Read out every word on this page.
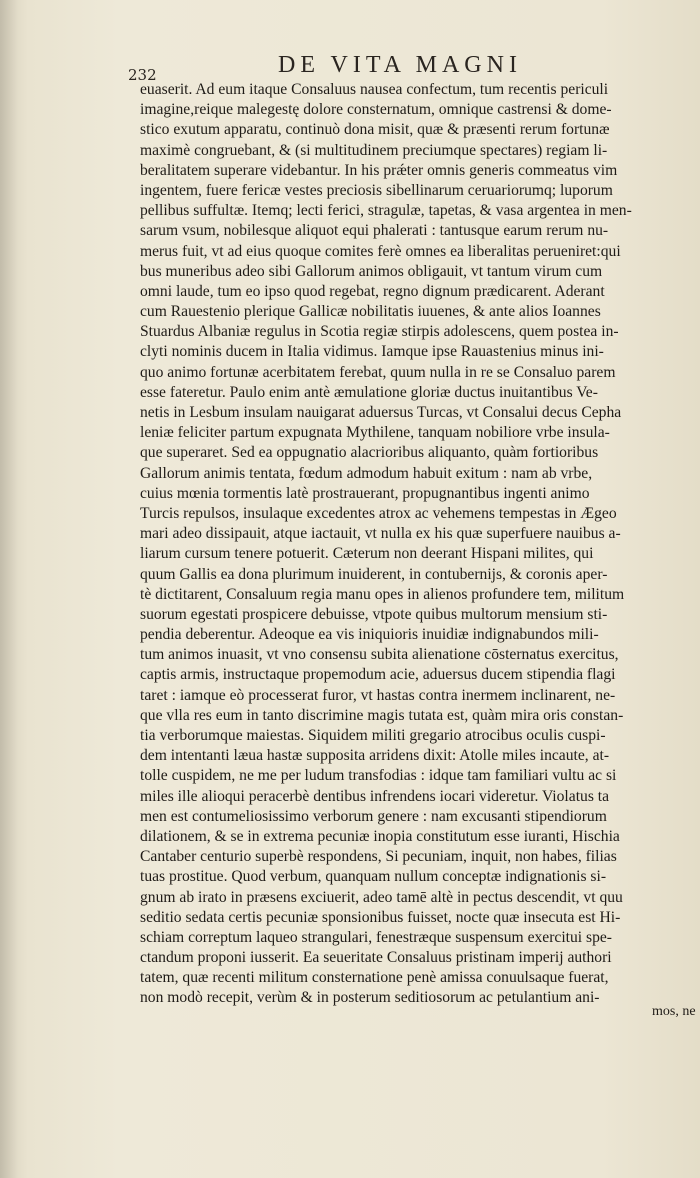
232	DE VITA MAGNI
euaserit. Ad eum itaque Consaluus nausea confectum, tum recentis periculi
imagine,reique malegestę dolore consternatum, omnique castrensi & dome-
stico exutum apparatu, continuò dona misit, quæ & præsenti rerum fortunæ
maximè congruebant, & (si multitudinem preciumque spectares) regiam li-
beralitatem superare videbantur. In his prǽter omnis generis commeatus vim
ingentem, fuere fericæ vestes preciosis sibellinarum ceruariorumq; luporum
pellibus suffultæ. Itemq; lecti ferici, stragulæ, tapetas, & vasa argentea in men-
sarum vsum, nobilesque aliquot equi phalerati : tantusque earum rerum nu-
merus fuit, vt ad eius quoque comites ferè omnes ea liberalitas perueniret:qui
bus muneribus adeo sibi Gallorum animos obligauit, vt tantum virum cum
omni laude, tum eo ipso quod regebat, regno dignum prædicarent. Aderant
cum Rauestenio plerique Gallicæ nobilitatis iuuenes, & ante alios Ioannes
Stuardus Albaniæ regulus in Scotia regiæ stirpis adolescens, quem postea in-
clyti nominis ducem in Italia vidimus. Iamque ipse Rauastenius minus ini-
quo animo fortunæ acerbitatem ferebat, quum nulla in re se Consaluo parem
esse fateretur. Paulo enim antè æmulatione gloriæ ductus inuitantibus Ve-
netis in Lesbum insulam nauigarat aduersus Turcas, vt Consalui decus Cepha
leniæ feliciter partum expugnata Mythilene, tanquam nobiliore vrbe insula-
que superaret. Sed ea oppugnatio alacrioribus aliquanto, quàm fortioribus
Gallorum animis tentata, fœdum admodum habuit exitum : nam ab vrbe,
cuius mœnia tormentis latè prostrauerant, propugnantibus ingenti animo
Turcis repulsos, insulaque excedentes atrox ac vehemens tempestas in Ægeo
mari adeo dissipauit, atque iactauit, vt nulla ex his quæ superfuere nauibus a-
liarum cursum tenere potuerit. Cæterum non deerant Hispani milites, qui
quum Gallis ea dona plurimum inuiderent, in contubernijs, & coronis aper-
tè dictitarent, Consaluum regia manu opes in alienos profundere tem, militum
suorum egestati prospicere debuisse, vtpote quibus multorum mensium sti-
pendia deberentur. Adeoque ea vis iniquioris inuidiæ indignabundos mili-
tum animos inuasit, vt vno consensu subita alienatione cōsternatus exercitus,
captis armis, instructaque propemodum acie, aduersus ducem stipendia flagi
taret : iamque eò processerat furor, vt hastas contra inermem inclinarent, ne-
que vlla res eum in tanto discrimine magis tutata est, quàm mira oris constan-
tia verborumque maiestas. Siquidem militi gregario atrocibus oculis cuspi-
dem intentanti læua hastæ supposita arridens dixit: Atolle miles incaute, at-
tolle cuspidem, ne me per ludum transfodias : idque tam familiari vultu ac si
miles ille alioqui peracerbè dentibus infrendens iocari videretur. Violatus ta
men est contumeliosissimo verborum genere : nam excusanti stipendiorum
dilationem, & se in extrema pecuniæ inopia constitutum esse iuranti, Hischia
Cantaber centurio superbè respondens, Si pecuniam, inquit, non habes, filias
tuas prostitue. Quod verbum, quanquam nullum conceptæ indignationis si-
gnum ab irato in præsens exciuerit, adeo tamē altè in pectus descendit, vt quu
seditio sedata certis pecuniæ sponsionibus fuisset, nocte quæ insecuta est Hi-
schiam correptum laqueo strangulari, fenestræque suspensum exercitui spe-
ctandum proponi iusserit. Ea seueritate Consaluus pristinam imperij authori
tatem, quæ recenti militum consternatione penè amissa conuulsaque fuerat,
non modò recepit, verùm & in posterum seditiosorum ac petulantium ani-
mos, ne
